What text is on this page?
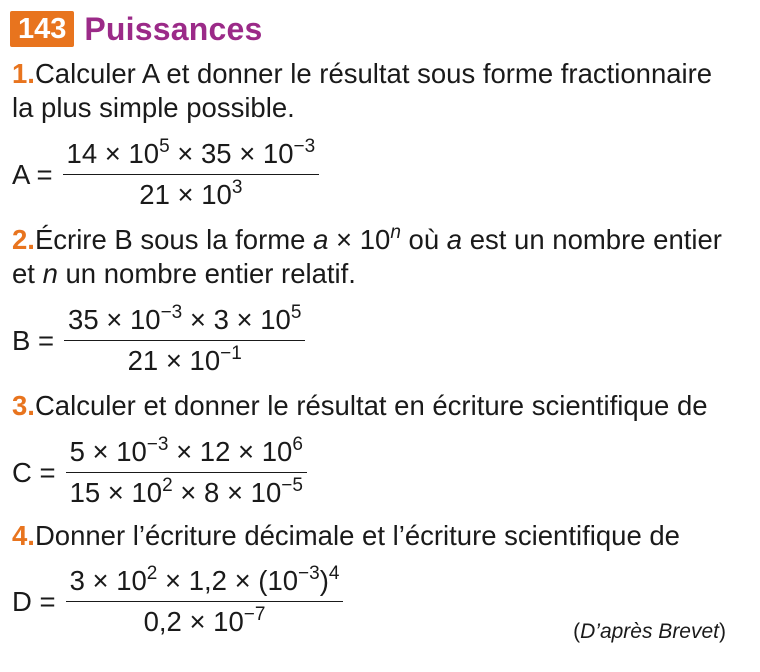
143 Puissances
1.Calculer A et donner le résultat sous forme fractionnaire
la plus simple possible.
$A = \frac{14 \times 10^5 \times 35 \times 10^{-3}}{21 \times 10^3}$
2.Écrire B sous la forme $a \times 10^n$ où a est un nombre entier
et n un nombre entier relatif.
$B = \frac{35 \times 10^{-3} \times 3 \times 10^5}{21 \times 10^{-1}}$
3.Calculer et donner le résultat en écriture scientifique de
$C = \frac{5 \times 10^{-3} \times 12 \times 10^6}{15 \times 10^2 \times 8 \times 10^{-5}}$
4.Donner l’écriture décimale et l’écriture scientifique de
$D = \frac{3 \times 10^2 \times 1,2 \times (10^{-3})^4}{0,2 \times 10^{-7}}$	(D’après Brevet)
